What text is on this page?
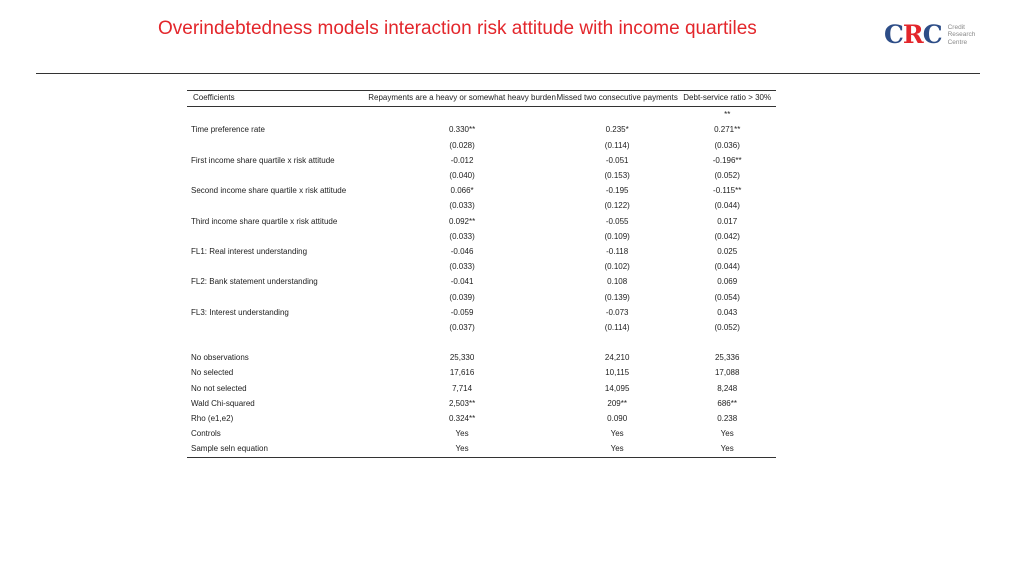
Overindebtedness models interaction risk attitude with income quartiles	CRC Credit
Research
Centre
Coefficients	Repayments are a heavy or somewhat heavy burden	Missed two consecutive payments	Debt-service ratio > 30%
			**
Time preference rate	0.330**	0.235*	0.271**
	(0.028)	(0.114)	(0.036)
First income share quartile x risk attitude	-0.012	-0.051	-0.196**
	(0.040)	(0.153)	(0.052)
Second income share quartile x risk attitude	0.066*	-0.195	-0.115**
	(0.033)	(0.122)	(0.044)
Third income share quartile x risk attitude	0.092**	-0.055	0.017
	(0.033)	(0.109)	(0.042)
FL1: Real interest understanding	-0.046	-0.118	0.025
	(0.033)	(0.102)	(0.044)
FL2: Bank statement understanding	-0.041	0.108	0.069
	(0.039)	(0.139)	(0.054)
FL3: Interest understanding	-0.059	-0.073	0.043
	(0.037)	(0.114)	(0.052)

No observations	25,330	24,210	25,336
No selected	17,616	10,115	17,088
No not selected	7,714	14,095	8,248
Wald Chi-squared	2,503**	209**	686**
Rho (e1,e2)	0.324**	0.090	0.238
Controls	Yes	Yes	Yes
Sample seln equation	Yes	Yes	Yes
